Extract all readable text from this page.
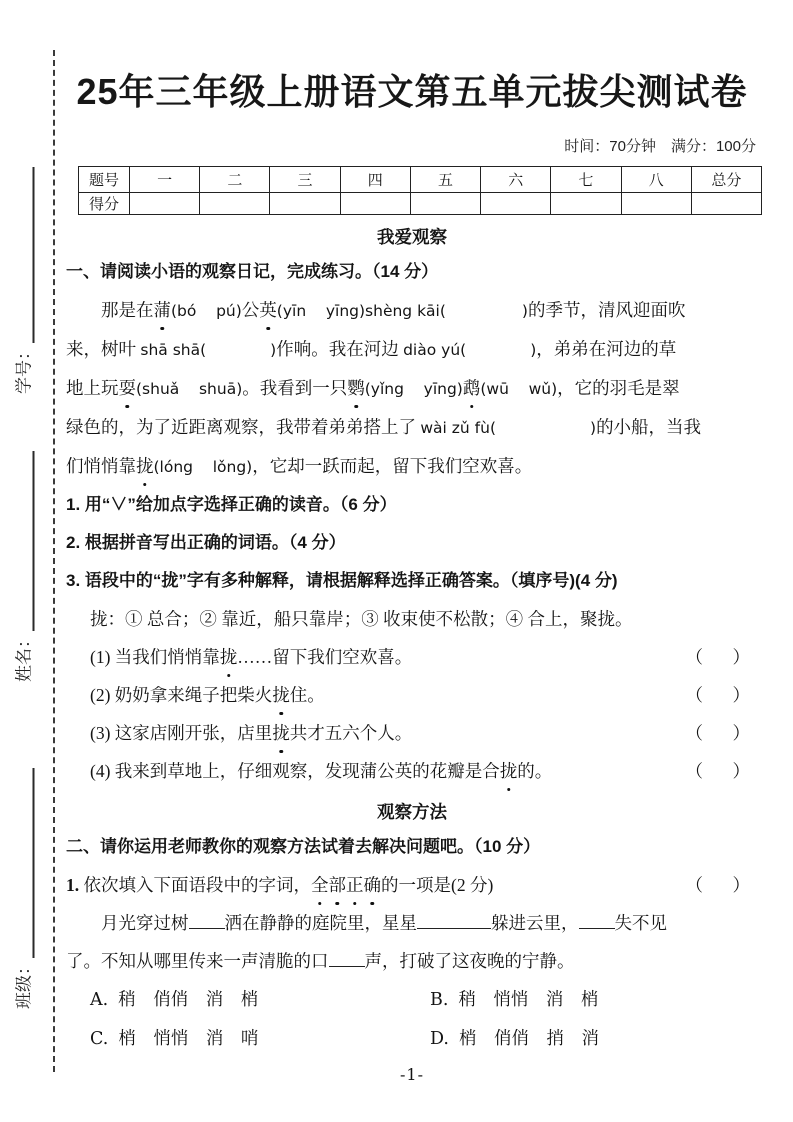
学号：
姓名：
班级：
25年三年级上册语文第五单元拔尖测试卷
时间：70分钟　满分：100分
题号	一	二	三	四	五	六	七	八	总分
得分									
我爱观察
一、请阅读小语的观察日记，完成练习。（14 分）
　　那是在蒲(bó    pú)公英(yīn    yīng)shèng kāi(	)的季节，清风迎面吹
来，树叶 shā shā(	)作响。我在河边 diào yú(	)，弟弟在河边的草
地上玩耍(shuǎ    shuā)。我看到一只鹦(yǐng    yīng)鹉(wū    wǔ)，它的羽毛是翠
绿色的，为了近距离观察，我带着弟弟搭上了 wài zǔ fù(	)的小船，当我
们悄悄靠拢(lóng    lǒng)，它却一跃而起，留下我们空欢喜。
1. 用“∨”给加点字选择正确的读音。（6 分）
2. 根据拼音写出正确的词语。（4 分）
3. 语段中的“拢”字有多种解释，请根据解释选择正确答案。（填序号)(4 分)
拢：① 总合；② 靠近，船只靠岸；③ 收束使不松散；④ 合上，聚拢。
(1) 当我们悄悄靠拢……留下我们空欢喜。	（　）
(2) 奶奶拿来绳子把柴火拢住。	（　）
(3) 这家店刚开张，店里拢共才五六个人。	（　）
(4) 我来到草地上，仔细观察，发现蒲公英的花瓣是合拢的。	（　）
观察方法
二、请你运用老师教你的观察方法试着去解决问题吧。（10 分）
1. 依次填入下面语段中的字词，全部正确的一项是(2 分)	（　）
　　月光穿过树 洒在静静的庭院里，星星	躲进云里， 失不见
了。不知从哪里传来一声清脆的口 声，打破了这夜晚的宁静。
A. 稍　俏俏　消　梢	B. 稍　悄悄　消　梢
C. 梢　悄悄　消　哨	D. 梢　俏俏　捎　消
-1-
